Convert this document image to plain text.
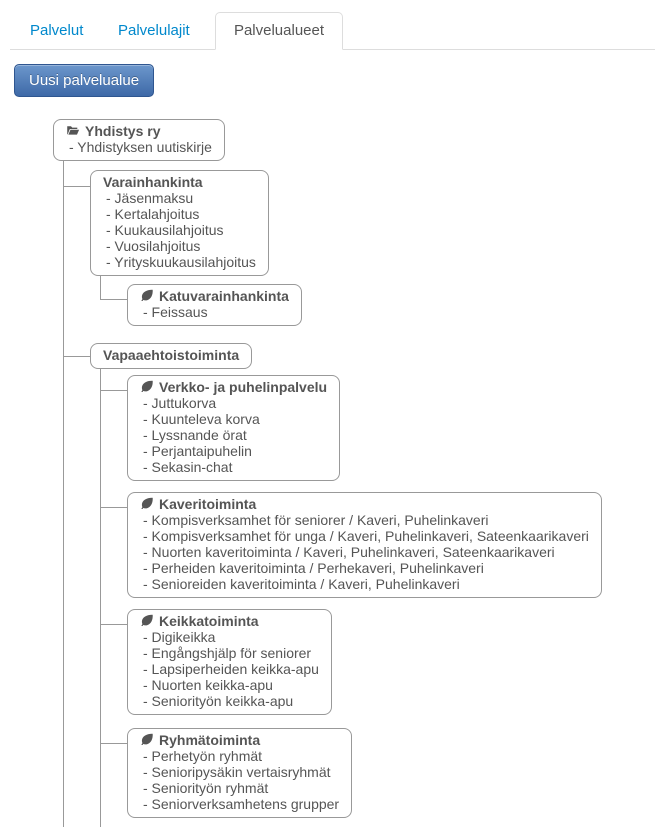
Palvelut	Palvelulajit	Palvelualueet
Uusi palvelualue
Yhdistys ry
- Yhdistyksen uutiskirje
Varainhankinta
- Jäsenmaksu
- Kertalahjoitus
- Kuukausilahjoitus
- Vuosilahjoitus
- Yrityskuukausilahjoitus
Katuvarainhankinta
- Feissaus
Vapaaehtoistoiminta
Verkko- ja puhelinpalvelu
- Juttukorva
- Kuunteleva korva
- Lyssnande örat
- Perjantaipuhelin
- Sekasin-chat
Kaveritoiminta
- Kompisverksamhet för seniorer / Kaveri, Puhelinkaveri
- Kompisverksamhet för unga / Kaveri, Puhelinkaveri, Sateenkaarikaveri
- Nuorten kaveritoiminta / Kaveri, Puhelinkaveri, Sateenkaarikaveri
- Perheiden kaveritoiminta / Perhekaveri, Puhelinkaveri
- Senioreiden kaveritoiminta / Kaveri, Puhelinkaveri
Keikkatoiminta
- Digikeikka
- Engångshjälp för seniorer
- Lapsiperheiden keikka-apu
- Nuorten keikka-apu
- Seniorityön keikka-apu
Ryhmätoiminta
- Perhetyön ryhmät
- Senioripysäkin vertaisryhmät
- Seniorityön ryhmät
- Seniorverksamhetens grupper
